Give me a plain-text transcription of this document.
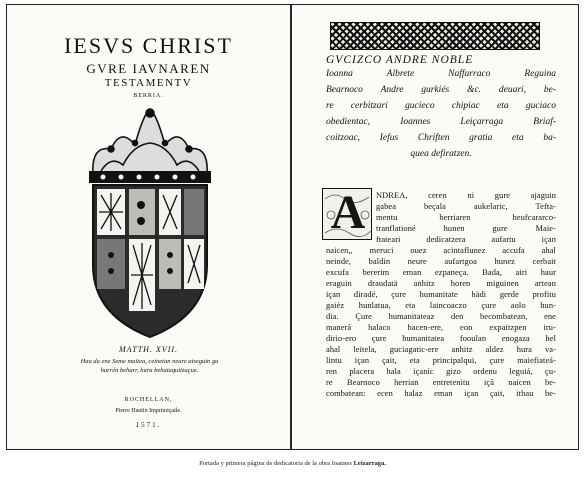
IESVS CHRIST
GVRE IAVNAREN
TESTAMENTV
BERRIA.
MATTH. XVII.
Hau da ene Seme maitea, ceinetan neure atseguin gu
harrén beharr, hura behaiaquitzaçue.
ROCHELLAN,
Pierre Hautin Imprimiçaile.
1571.
GVCIZCO ANDRE NOBLE
Ioanna Albrete Naffarraco Reguina
Bearnoco Andre gurkiés &c. deuari, be-
re cerbitzari gucieco chipiac eta guciaco
obedientac, Ioannes Leiçarraga Briaf-
coitzoac, Iefus Chriften gratia eta ba-
quea defiratzen.
A	NDREA, ceren ni gure ajaguin
gabea beçala aukelaric, Tefta-
mentu berriaren heufcararco-
tranflationé hunen gure Maie-
ftateari dedicatzera aufartu içan
naicen,, meruci ouez acintaflunez accufa ahal
neinde, baldin neure aufartgoa hunez cerbait
excufa bererim eman ezpaneça. Bada, airi haur
eraguin draudatä anhitz horen miguinen artean
içan diradé, çure humanitate hädi gerde profitu
gaiéz hunlatua, eta laincoaczo çure aolo hun-
dia. Çure humanitateaz den becombatean, ene
manerá halaco bacen-ere, eon expaitzpen iru-
dirio-ero çure humanitatea fooulan enogaza hel
ahal leitela, guciagatic-ere anhitz aldez hura va-
lintu içan çait, eta principalqui, çure maiefiateá-
ren placera hala içanic gizo ordenu leguiá, çu-
re Bearnoco herrian entretenitu içã naicen be-
combatean: ecen halaz eman içan çait, ithau be-
Portada y primera página de dedicatoria de la obra Ioannes Leizarraga.
